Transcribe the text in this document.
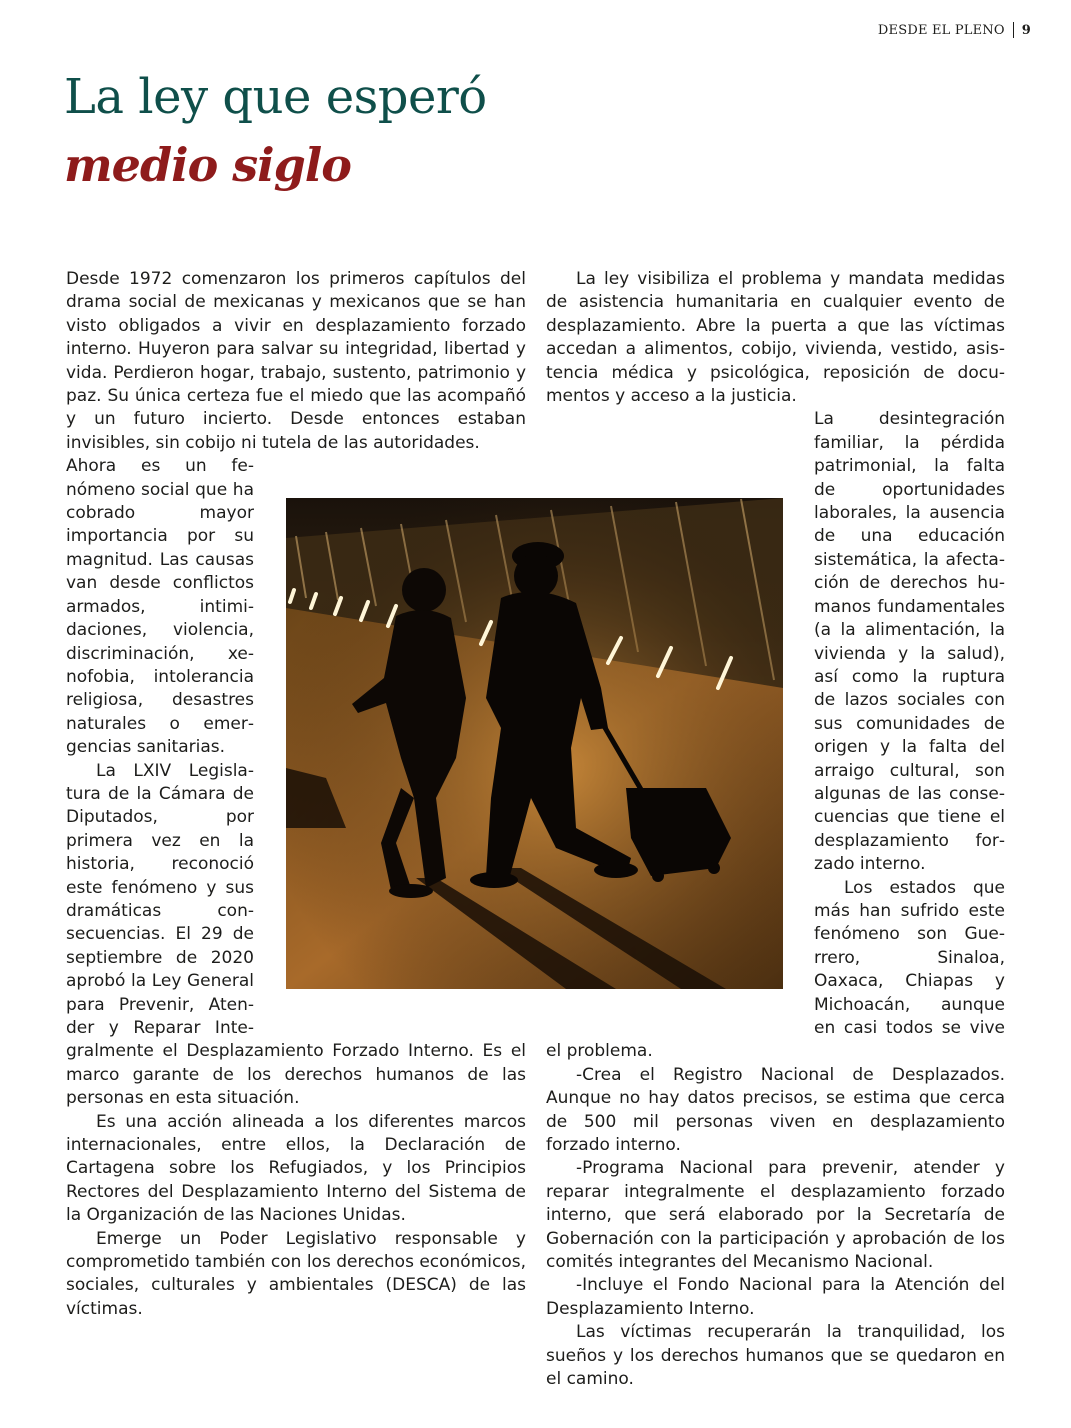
DESDE EL PLENO 9
La ley que esperó
medio siglo

Desde 1972 comenzaron los primeros capítulos del drama social de mexicanas y mexicanos que se han visto obligados a vivir en desplazamiento forzado interno. Huyeron para salvar su integridad, libertad y vida. Perdieron hogar, trabajo, sustento, patrimonio y paz. Su única certeza fue el miedo que las acompañó y un futuro incierto. Desde entonces estaban invisibles, sin cobijo ni tutela de las autoridades.

Ahora es un fenómeno social que ha cobrado mayor importancia por su magnitud. Las causas van desde conflictos armados, intimidaciones, violencia, discriminación, xenofobia, intolerancia religiosa, desastres naturales o emergencias sanitarias.

La LXIV Legislatura de la Cámara de Diputados, por primera vez en la historia, reconoció este fenómeno y sus dramáticas consecuencias. El 29 de septiembre de 2020 aprobó la Ley General para Prevenir, Atender y Reparar Integralmente el Desplazamiento Forzado Interno. Es el marco garante de los derechos humanos de las personas en esta situación.

Es una acción alineada a los diferentes marcos internacionales, entre ellos, la Declaración de Cartagena sobre los Refugiados, y los Principios Rectores del Desplazamiento Interno del Sistema de la Organización de las Naciones Unidas.

Emerge un Poder Legislativo responsable y comprometido también con los derechos económicos, sociales, culturales y ambientales (DESCA) de las víctimas.

La ley visibiliza el problema y mandata medidas de asistencia humanitaria en cualquier evento de desplazamiento. Abre la puerta a que las víctimas accedan a alimentos, cobijo, vivienda, vestido, asistencia médica y psicológica, reposición de documentos y acceso a la justicia.

La desintegración familiar, la pérdida patrimonial, la falta de oportunidades laborales, la ausencia de una educación sistemática, la afectación de derechos humanos fundamentales (a la alimentación, la vivienda y la salud), así como la ruptura de lazos sociales con sus comunidades de origen y la falta del arraigo cultural, son algunas de las consecuencias que tiene el desplazamiento forzado interno.

Los estados que más han sufrido este fenómeno son Guerrero, Sinaloa, Oaxaca, Chiapas y Michoacán, aunque en casi todos se vive el problema.

-Crea el Registro Nacional de Desplazados. Aunque no hay datos precisos, se estima que cerca de 500 mil personas viven en desplazamiento forzado interno.

-Programa Nacional para prevenir, atender y reparar integralmente el desplazamiento forzado interno, que será elaborado por la Secretaría de Gobernación con la participación y aprobación de los comités integrantes del Mecanismo Nacional.

-Incluye el Fondo Nacional para la Atención del Desplazamiento Interno.

Las víctimas recuperarán la tranquilidad, los sueños y los derechos humanos que se quedaron en el camino.
